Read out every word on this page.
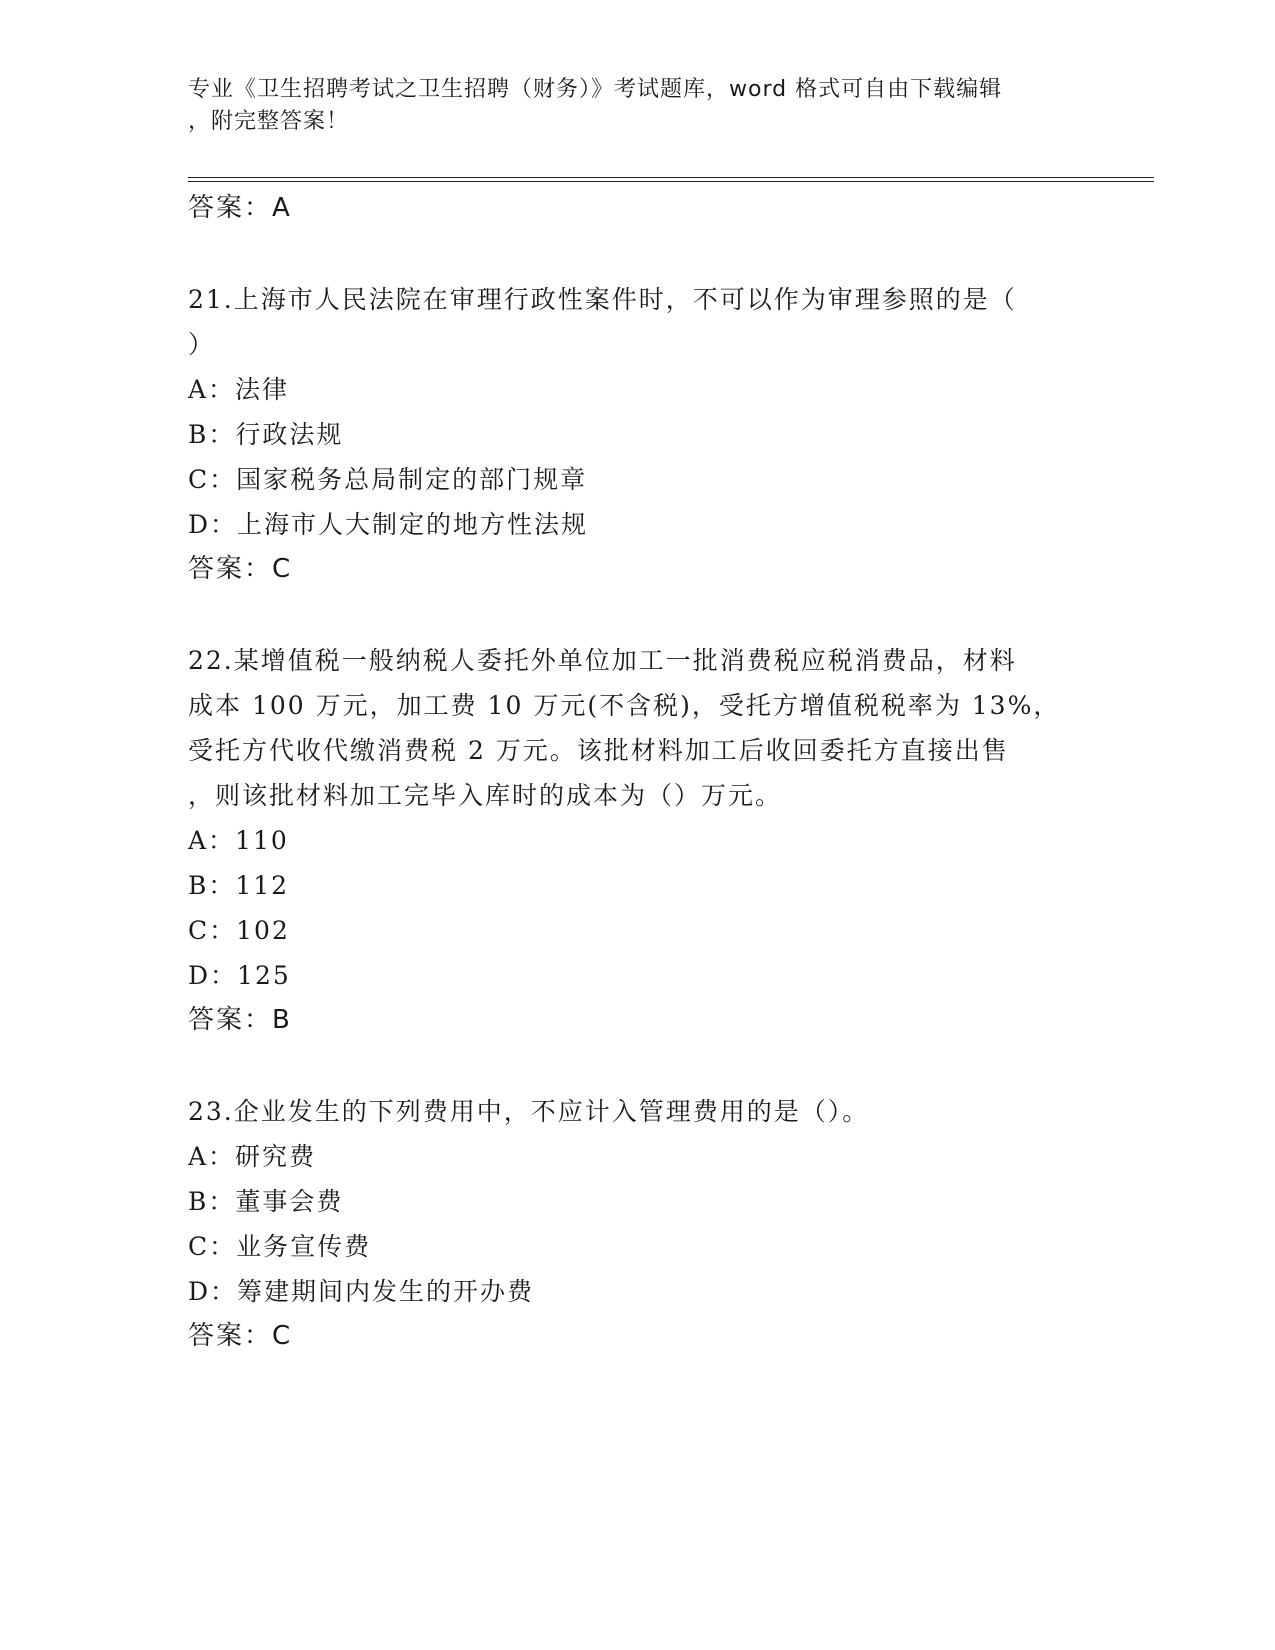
专业《卫生招聘考试之卫生招聘（财务）》考试题库，word 格式可自由下载编辑
，附完整答案！
答案：A
21.上海市人民法院在审理行政性案件时，不可以作为审理参照的是（
）
A：法律
B：行政法规
C：国家税务总局制定的部门规章
D：上海市人大制定的地方性法规
答案：C
22.某增值税一般纳税人委托外单位加工一批消费税应税消费品，材料
成本 100 万元，加工费 10 万元(不含税)，受托方增值税税率为 13%，
受托方代收代缴消费税 2 万元。该批材料加工后收回委托方直接出售
，则该批材料加工完毕入库时的成本为（）万元。
A：110
B：112
C：102
D：125
答案：B
23.企业发生的下列费用中，不应计入管理费用的是（）。
A：研究费
B：董事会费
C：业务宣传费
D：筹建期间内发生的开办费
答案：C
